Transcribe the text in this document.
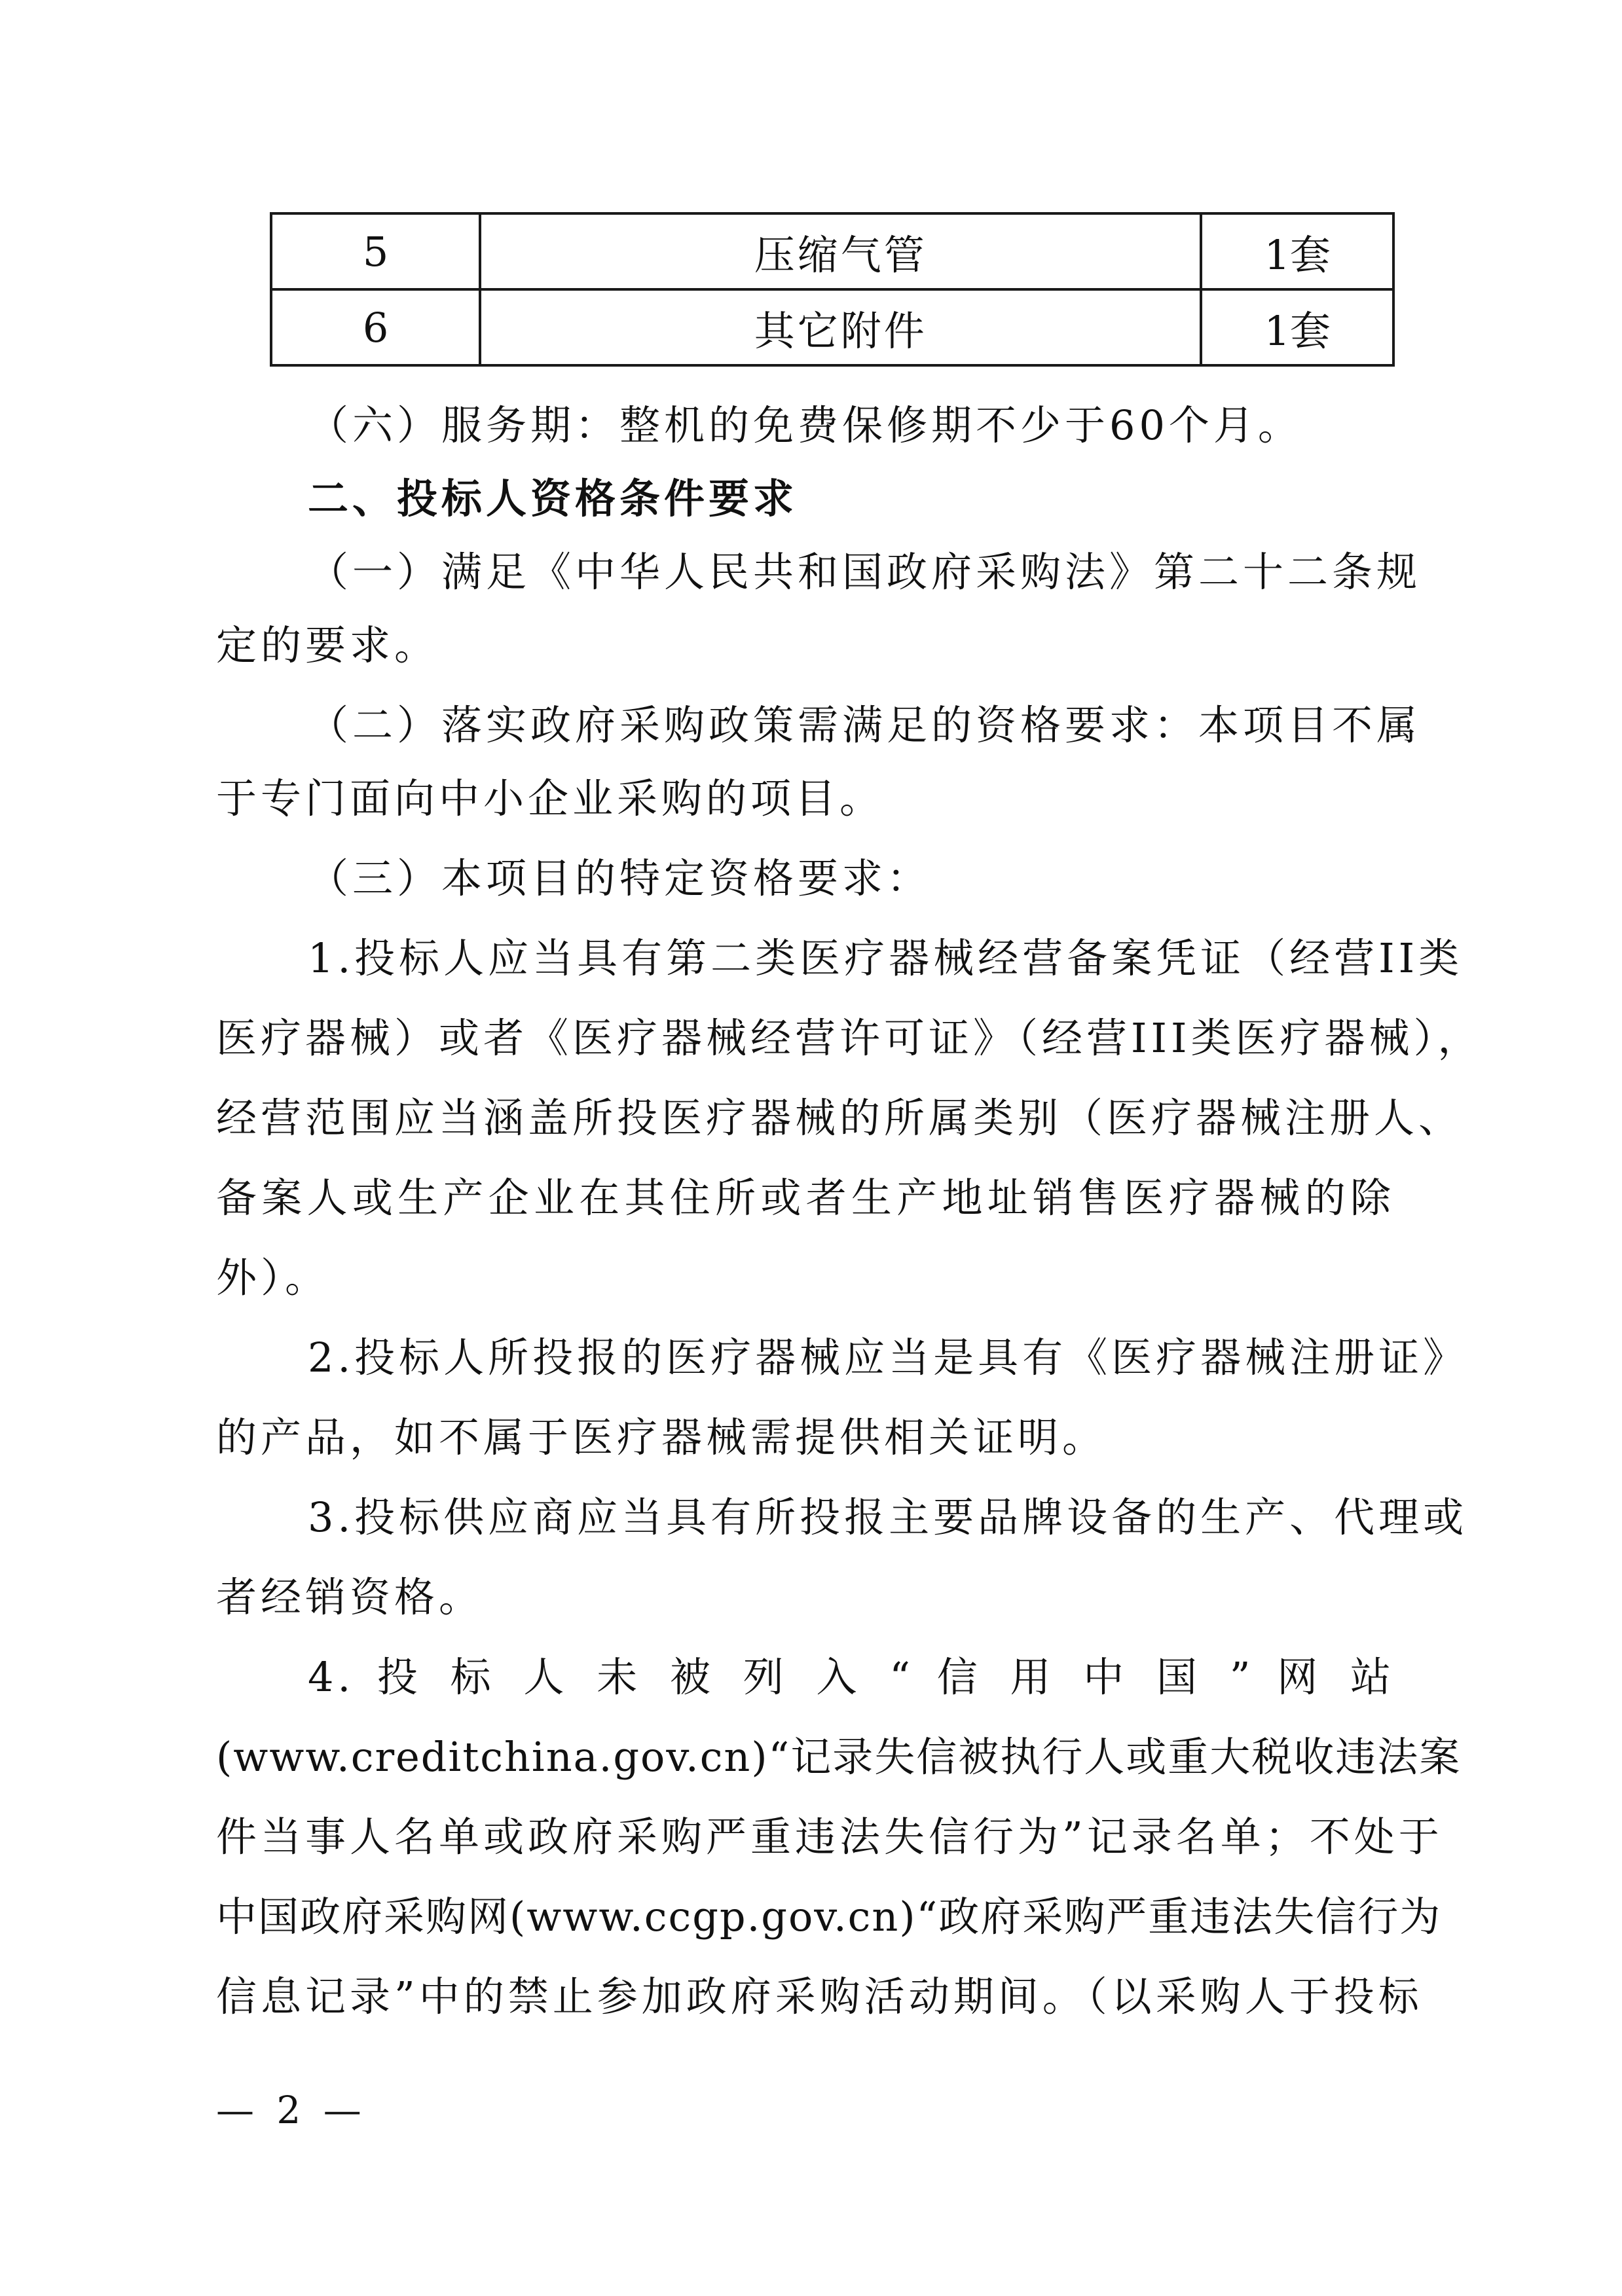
5	压缩气管	1套
6	其它附件	1套
（六）服务期：整机的免费保修期不少于60个月。
二、投标人资格条件要求
（一）满足《中华人民共和国政府采购法》第二十二条规
定的要求。
（二）落实政府采购政策需满足的资格要求：本项目不属
于专门面向中小企业采购的项目。
（三）本项目的特定资格要求：
1.投标人应当具有第二类医疗器械经营备案凭证（经营II类
医疗器械）或者《医疗器械经营许可证》（经营III类医疗器械），
经营范围应当涵盖所投医疗器械的所属类别（医疗器械注册人、
备案人或生产企业在其住所或者生产地址销售医疗器械的除
外）。
2.投标人所投报的医疗器械应当是具有《医疗器械注册证》
的产品，如不属于医疗器械需提供相关证明。
3.投标供应商应当具有所投报主要品牌设备的生产、代理或
者经销资格。
4. 投 标 人 未 被 列 入 “ 信 用 中 国 ” 网 站
(www.creditchina.gov.cn)“记录失信被执行人或重大税收违法案
件当事人名单或政府采购严重违法失信行为”记录名单；不处于
中国政府采购网(www.ccgp.gov.cn)“政府采购严重违法失信行为
信息记录”中的禁止参加政府采购活动期间。（以采购人于投标
— 2 —
